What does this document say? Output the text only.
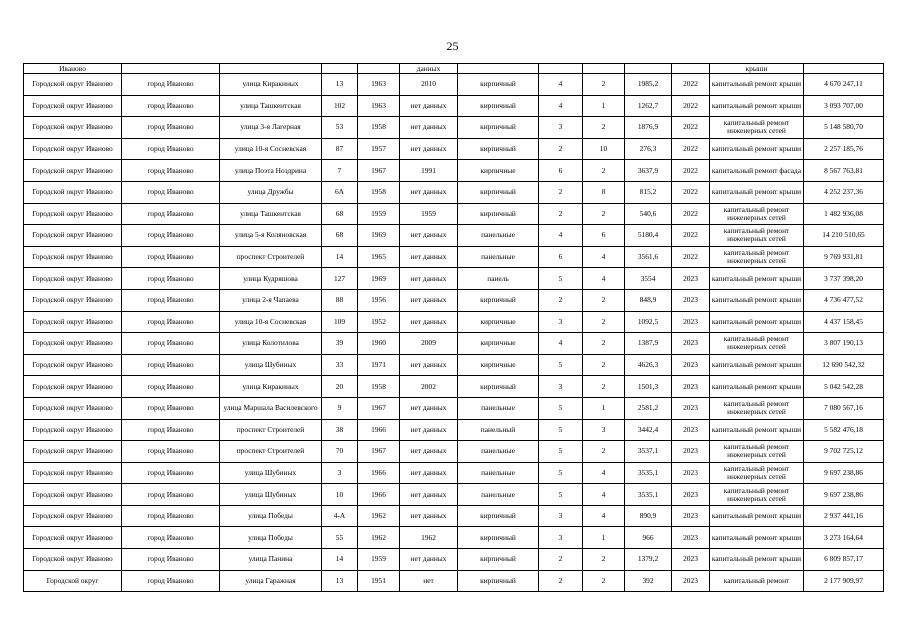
25
Иваново					данных						крыши	
Городской округ Иваново	город Иваново	улица Киракиных	13	1963	2010	кирпичный	4	2	1985,2	2022	капитальный ремонт крыши	4 670 247,11
Городской округ Иваново	город Иваново	улица Ташкентская	102	1963	нет данных	кирпичный	4	1	1262,7	2022	капитальный ремонт крыши	3 093 707,00
Городской округ Иваново	город Иваново	улица 3-я Лагерная	53	1958	нет данных	кирпичный	3	2	1876,9	2022	капитальный ремонт инженерных сетей	5 148 580,70
Городской округ Иваново	город Иваново	улица 10-я Сосневская	87	1957	нет данных	кирпичный	2	10	276,3	2022	капитальный ремонт крыши	2 257 185,76
Городской округ Иваново	город Иваново	улица Поэта Ноздрина	7	1967	1991	кирпичные	6	2	3637,9	2022	капитальный ремонт фасада	8 567 763,81
Городской округ Иваново	город Иваново	улица Дружбы	6А	1958	нет данных	кирпичный	2	8	815,2	2022	капитальный ремонт крыши	4 252 237,36
Городской округ Иваново	город Иваново	улица Ташкентская	68	1959	1959	кирпичный	2	2	540,6	2022	капитальный ремонт инженерных сетей	1 482 936,08
Городской округ Иваново	город Иваново	улица 5-я Коляновская	68	1969	нет данных	панельные	4	6	5180,4	2022	капитальный ремонт инженерных сетей	14 210 510,65
Городской округ Иваново	город Иваново	проспект Строителей	14	1965	нет данных	панельные	6	4	3561,6	2022	капитальный ремонт инженерных сетей	9 769 931,81
Городской округ Иваново	город Иваново	улица Кудряшова	127	1969	нет данных	панель	5	4	3554	2023	капитальный ремонт крыши	3 737 398,20
Городской округ Иваново	город Иваново	улица 2-я Чапаева	88	1956	нет данных	кирпичный	2	2	848,9	2023	капитальный ремонт крыши	4 736 477,52
Городской округ Иваново	город Иваново	улица 10-я Сосневская	109	1952	нет данных	кирпичные	3	2	1092,5	2023	капитальный ремонт крыши	4 437 158,45
Городской округ Иваново	город Иваново	улица Колотилова	39	1960	2009	кирпичные	4	2	1387,9	2023	капитальный ремонт инженерных сетей	3 807 190,13
Городской округ Иваново	город Иваново	улица Шубиных	33	1971	нет данных	кирпичные	5	2	4626,3	2023	капитальный ремонт крыши	12 690 542,32
Городской округ Иваново	город Иваново	улица Киракиных	20	1958	2002	кирпичный	3	2	1501,3	2023	капитальный ремонт крыши	5 042 542,28
Городской округ Иваново	город Иваново	улица Маршала Василевского	9	1967	нет данных	панельные	5	1	2581,2	2023	капитальный ремонт инженерных сетей	7 080 567,16
Городской округ Иваново	город Иваново	проспект Строителей	38	1966	нет данных	панельный	5	3	3442,4	2023	капитальный ремонт крыши	5 582 476,18
Городской округ Иваново	город Иваново	проспект Строителей	70	1967	нет данных	панельные	5	2	3537,1	2023	капитальный ремонт инженерных сетей	9 702 725,12
Городской округ Иваново	город Иваново	улица Шубиных	3	1966	нет данных	панельные	5	4	3535,1	2023	капитальный ремонт инженерных сетей	9 697 238,86
Городской округ Иваново	город Иваново	улица Шубиных	10	1966	нет данных	панельные	5	4	3535,1	2023	капитальный ремонт инженерных сетей	9 697 238,86
Городской округ Иваново	город Иваново	улица Победы	4-А	1962	нет данных	кирпичный	3	4	890,9	2023	капитальный ремонт крыши	2 937 441,16
Городской округ Иваново	город Иваново	улица Победы	55	1962	1962	кирпичный	3	1	966	2023	капитальный ремонт крыши	3 273 164,64
Городской округ Иваново	город Иваново	улица Панина	14	1959	нет данных	кирпичный	2	2	1379,2	2023	капитальный ремонт крыши	6 809 857,17
Городской округ	город Иваново	улица Гаражная	13	1951	нет	кирпичный	2	2	392	2023	капитальный ремонт	2 177 909,97
